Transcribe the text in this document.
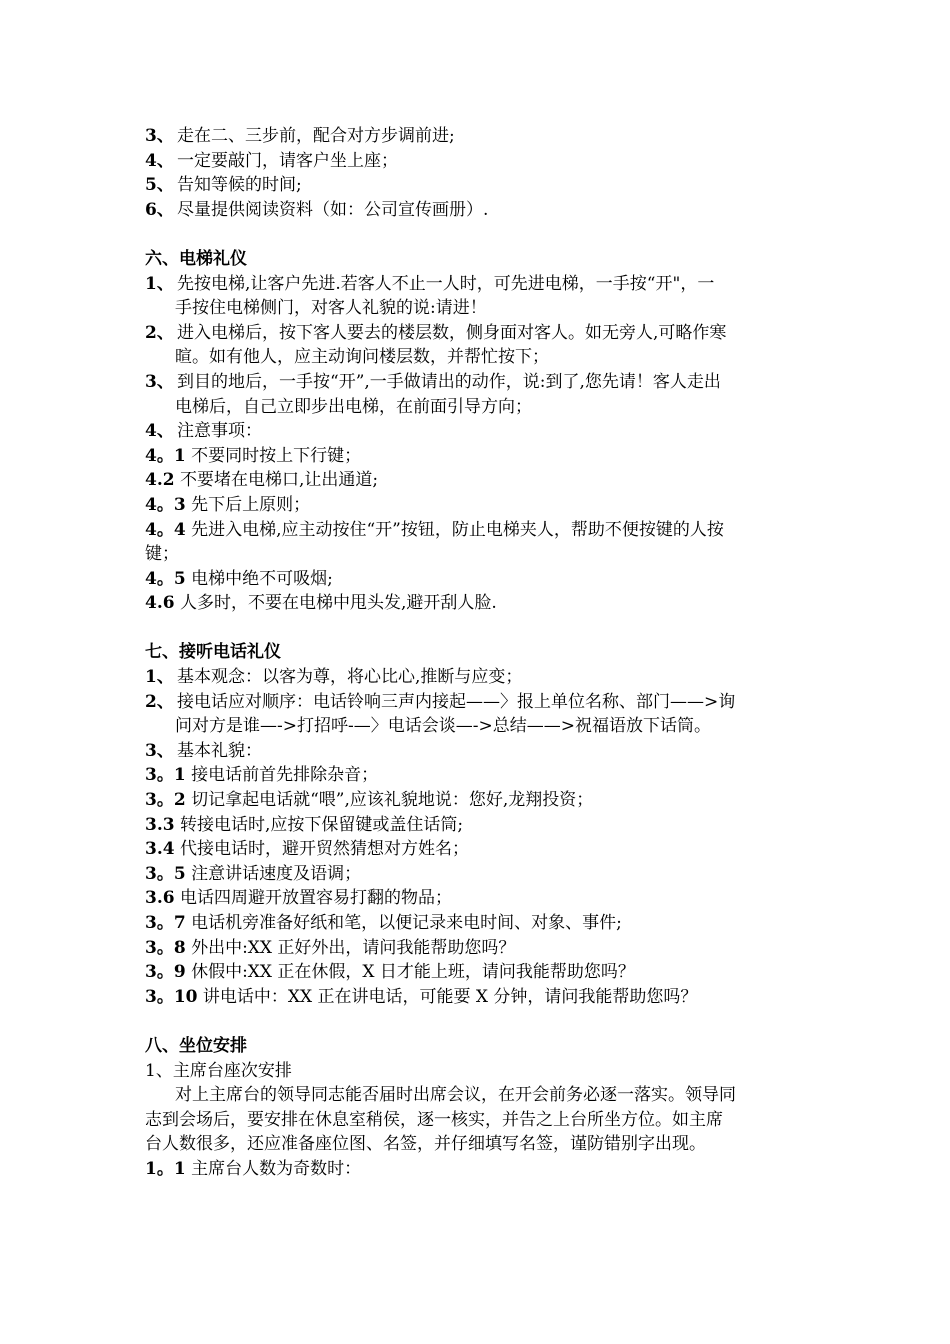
3、 走在二、三步前，配合对方步调前进;
4、 一定要敲门，请客户坐上座；
5、 告知等候的时间;
6、 尽量提供阅读资料（如：公司宣传画册）.
六、电梯礼仪
1、 先按电梯,让客户先进.若客人不止一人时，可先进电梯，一手按“开"，一
手按住电梯侧门，对客人礼貌的说:请进！
2、 进入电梯后，按下客人要去的楼层数，侧身面对客人。如无旁人,可略作寒
暄。如有他人，应主动询问楼层数，并帮忙按下；
3、 到目的地后，一手按“开”,一手做请出的动作，说:到了,您先请！客人走出
电梯后，自己立即步出电梯，在前面引导方向；
4、 注意事项：
4。1 不要同时按上下行键；
4.2 不要堵在电梯口,让出通道;
4。3 先下后上原则；
4。4 先进入电梯,应主动按住“开”按钮，防止电梯夹人，帮助不便按键的人按
键；
4。5 电梯中绝不可吸烟;
4.6 人多时，不要在电梯中甩头发,避开刮人脸.
七、接听电话礼仪
1、 基本观念：以客为尊，将心比心,推断与应变；
2、 接电话应对顺序：电话铃响三声内接起——〉报上单位名称、部门——>询
问对方是谁—->打招呼-—〉电话会谈—->总结——>祝福语放下话筒。
3、 基本礼貌：
3。1 接电话前首先排除杂音；
3。2 切记拿起电话就“喂”,应该礼貌地说：您好,龙翔投资；
3.3 转接电话时,应按下保留键或盖住话筒;
3.4 代接电话时，避开贸然猜想对方姓名；
3。5 注意讲话速度及语调；
3.6 电话四周避开放置容易打翻的物品；
3。7 电话机旁准备好纸和笔，以便记录来电时间、对象、事件;
3。8 外出中:XX 正好外出，请问我能帮助您吗？
3。9 休假中:XX 正在休假，X 日才能上班，请问我能帮助您吗？
3。10 讲电话中：XX 正在讲电话，可能要 X 分钟，请问我能帮助您吗？
八、坐位安排
1、主席台座次安排
对上主席台的领导同志能否届时出席会议，在开会前务必逐一落实。领导同
志到会场后，要安排在休息室稍侯，逐一核实，并告之上台所坐方位。如主席
台人数很多，还应准备座位图、名签，并仔细填写名签，谨防错别字出现。
1。1 主席台人数为奇数时：
